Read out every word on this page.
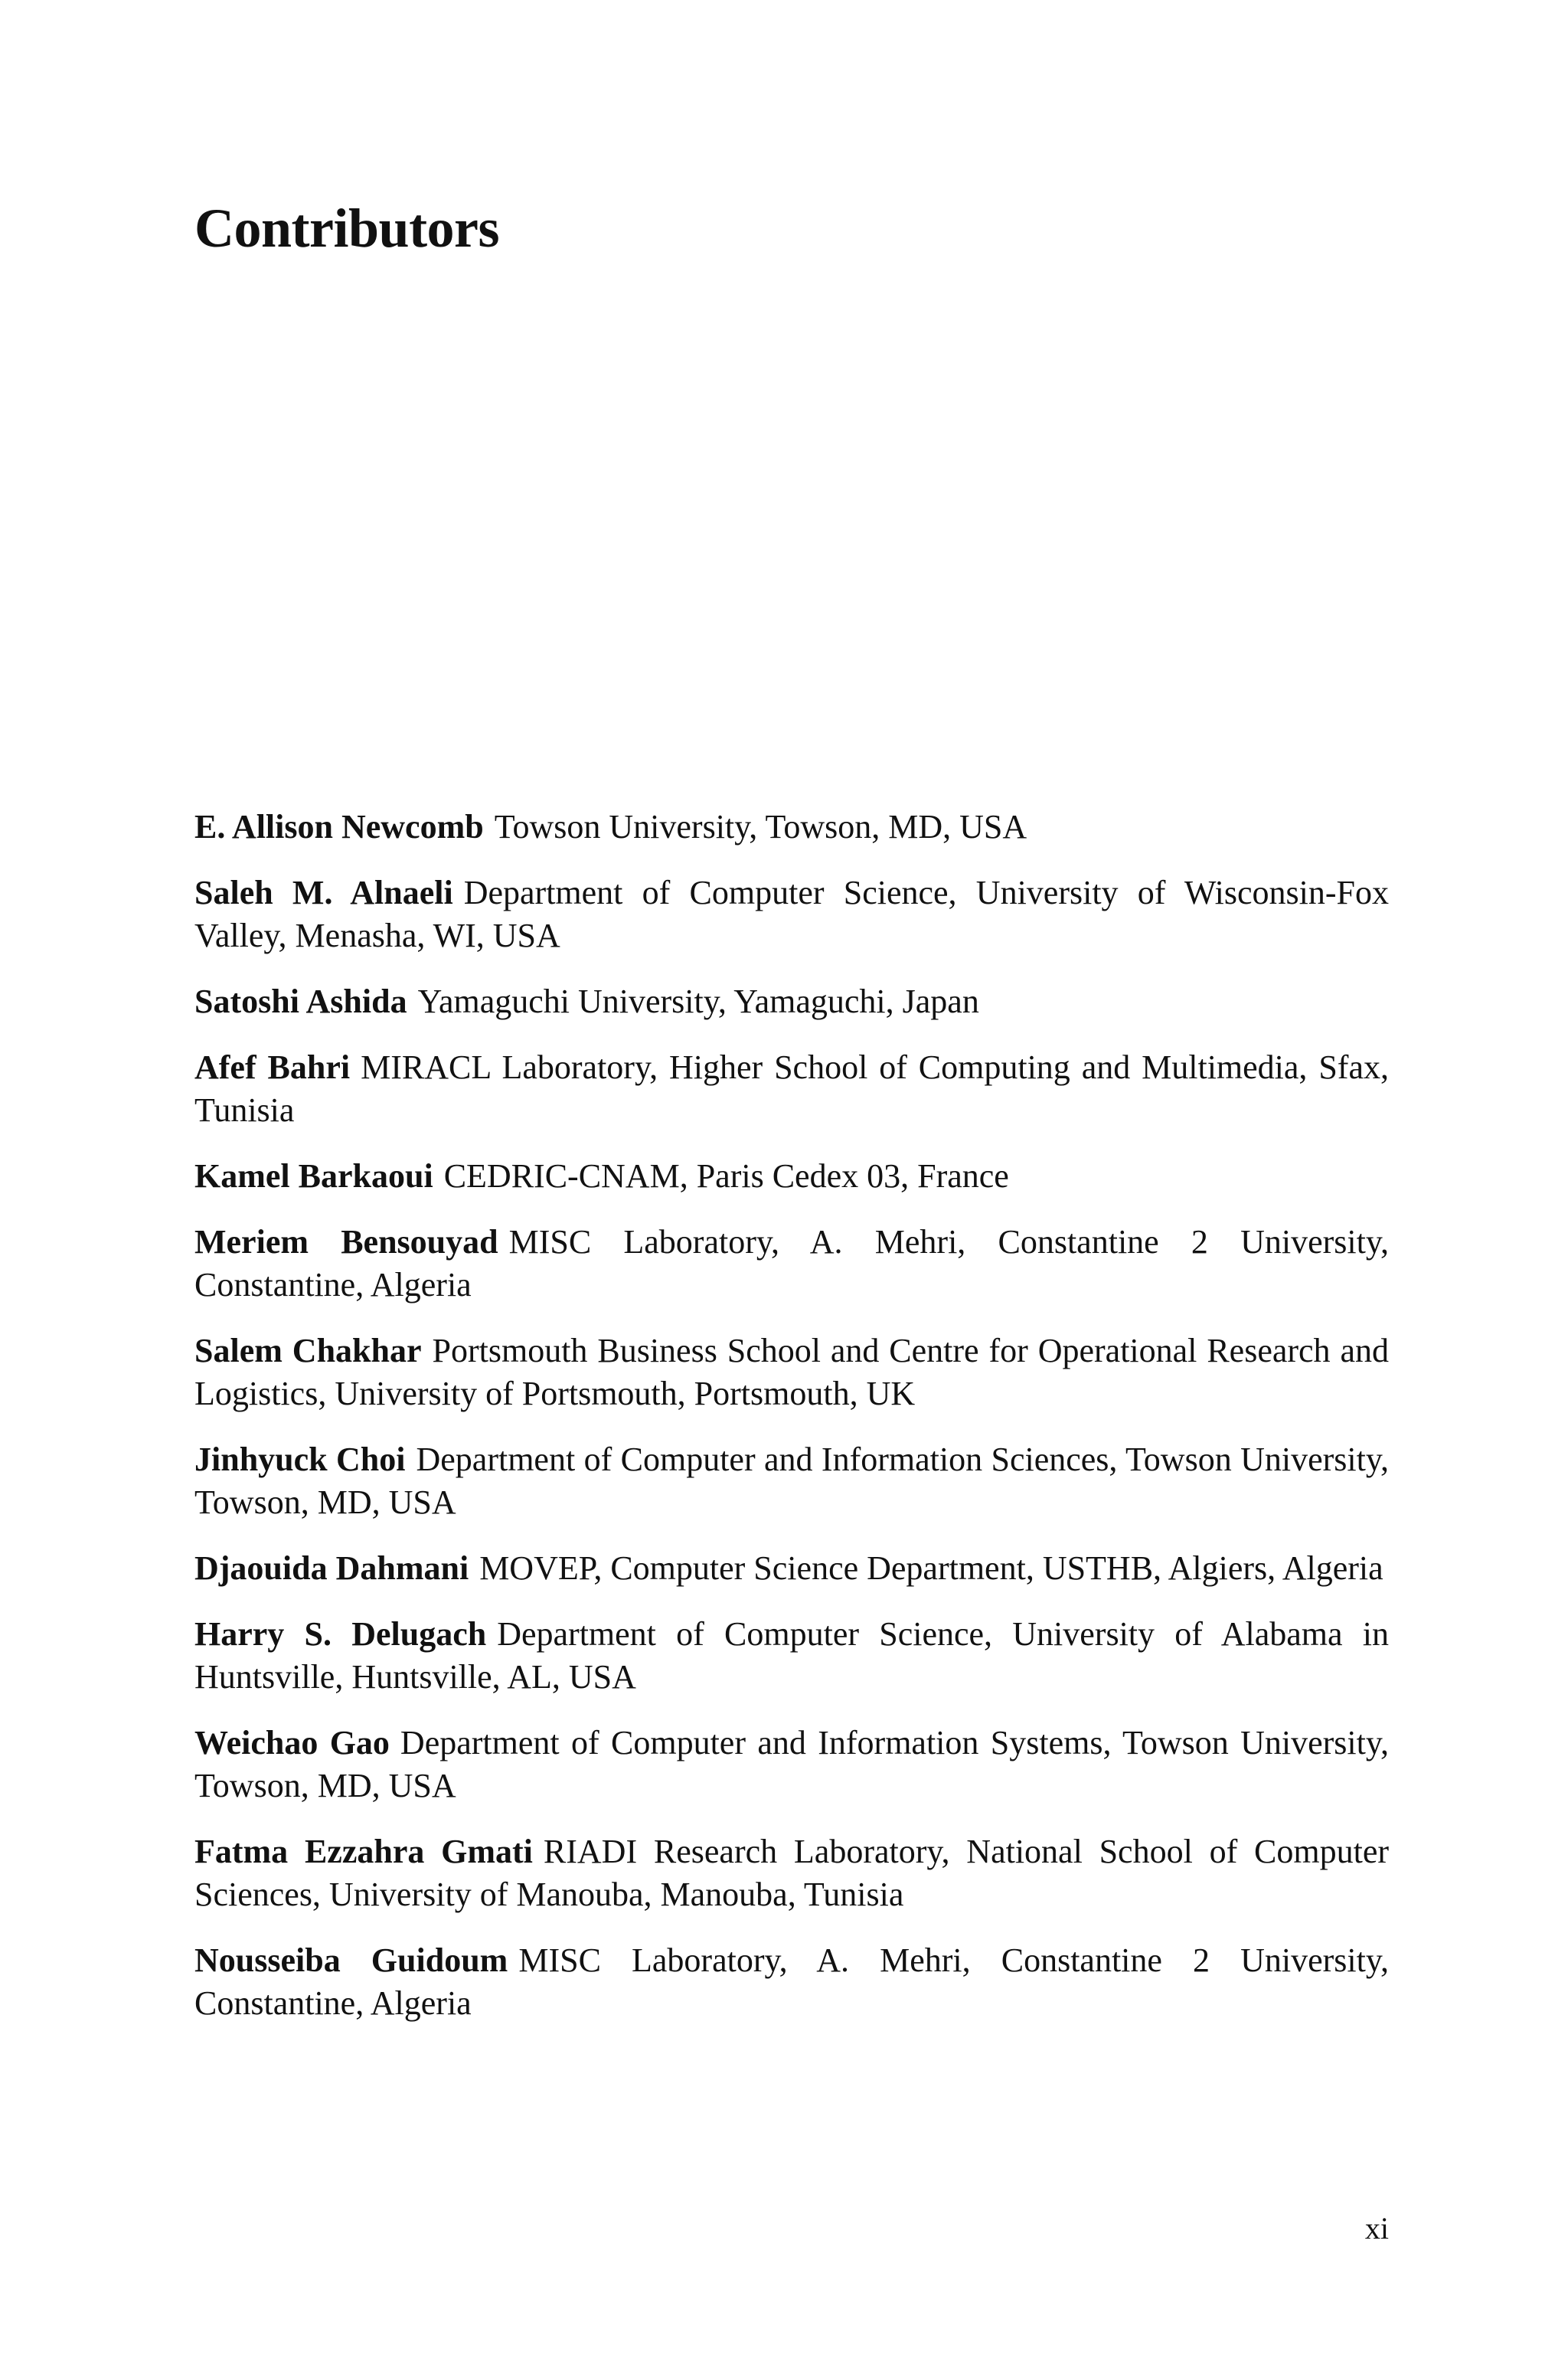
Contributors
E. Allison Newcomb Towson University, Towson, MD, USA
Saleh M. Alnaeli Department of Computer Science, University of Wisconsin-Fox Valley, Menasha, WI, USA
Satoshi Ashida Yamaguchi University, Yamaguchi, Japan
Afef Bahri MIRACL Laboratory, Higher School of Computing and Multimedia, Sfax, Tunisia
Kamel Barkaoui CEDRIC-CNAM, Paris Cedex 03, France
Meriem Bensouyad MISC Laboratory, A. Mehri, Constantine 2 University, Constantine, Algeria
Salem Chakhar Portsmouth Business School and Centre for Operational Research and Logistics, University of Portsmouth, Portsmouth, UK
Jinhyuck Choi Department of Computer and Information Sciences, Towson University, Towson, MD, USA
Djaouida Dahmani MOVEP, Computer Science Department, USTHB, Algiers, Algeria
Harry S. Delugach Department of Computer Science, University of Alabama in Huntsville, Huntsville, AL, USA
Weichao Gao Department of Computer and Information Systems, Towson University, Towson, MD, USA
Fatma Ezzahra Gmati RIADI Research Laboratory, National School of Computer Sciences, University of Manouba, Manouba, Tunisia
Nousseiba Guidoum MISC Laboratory, A. Mehri, Constantine 2 University, Constantine, Algeria
xi
